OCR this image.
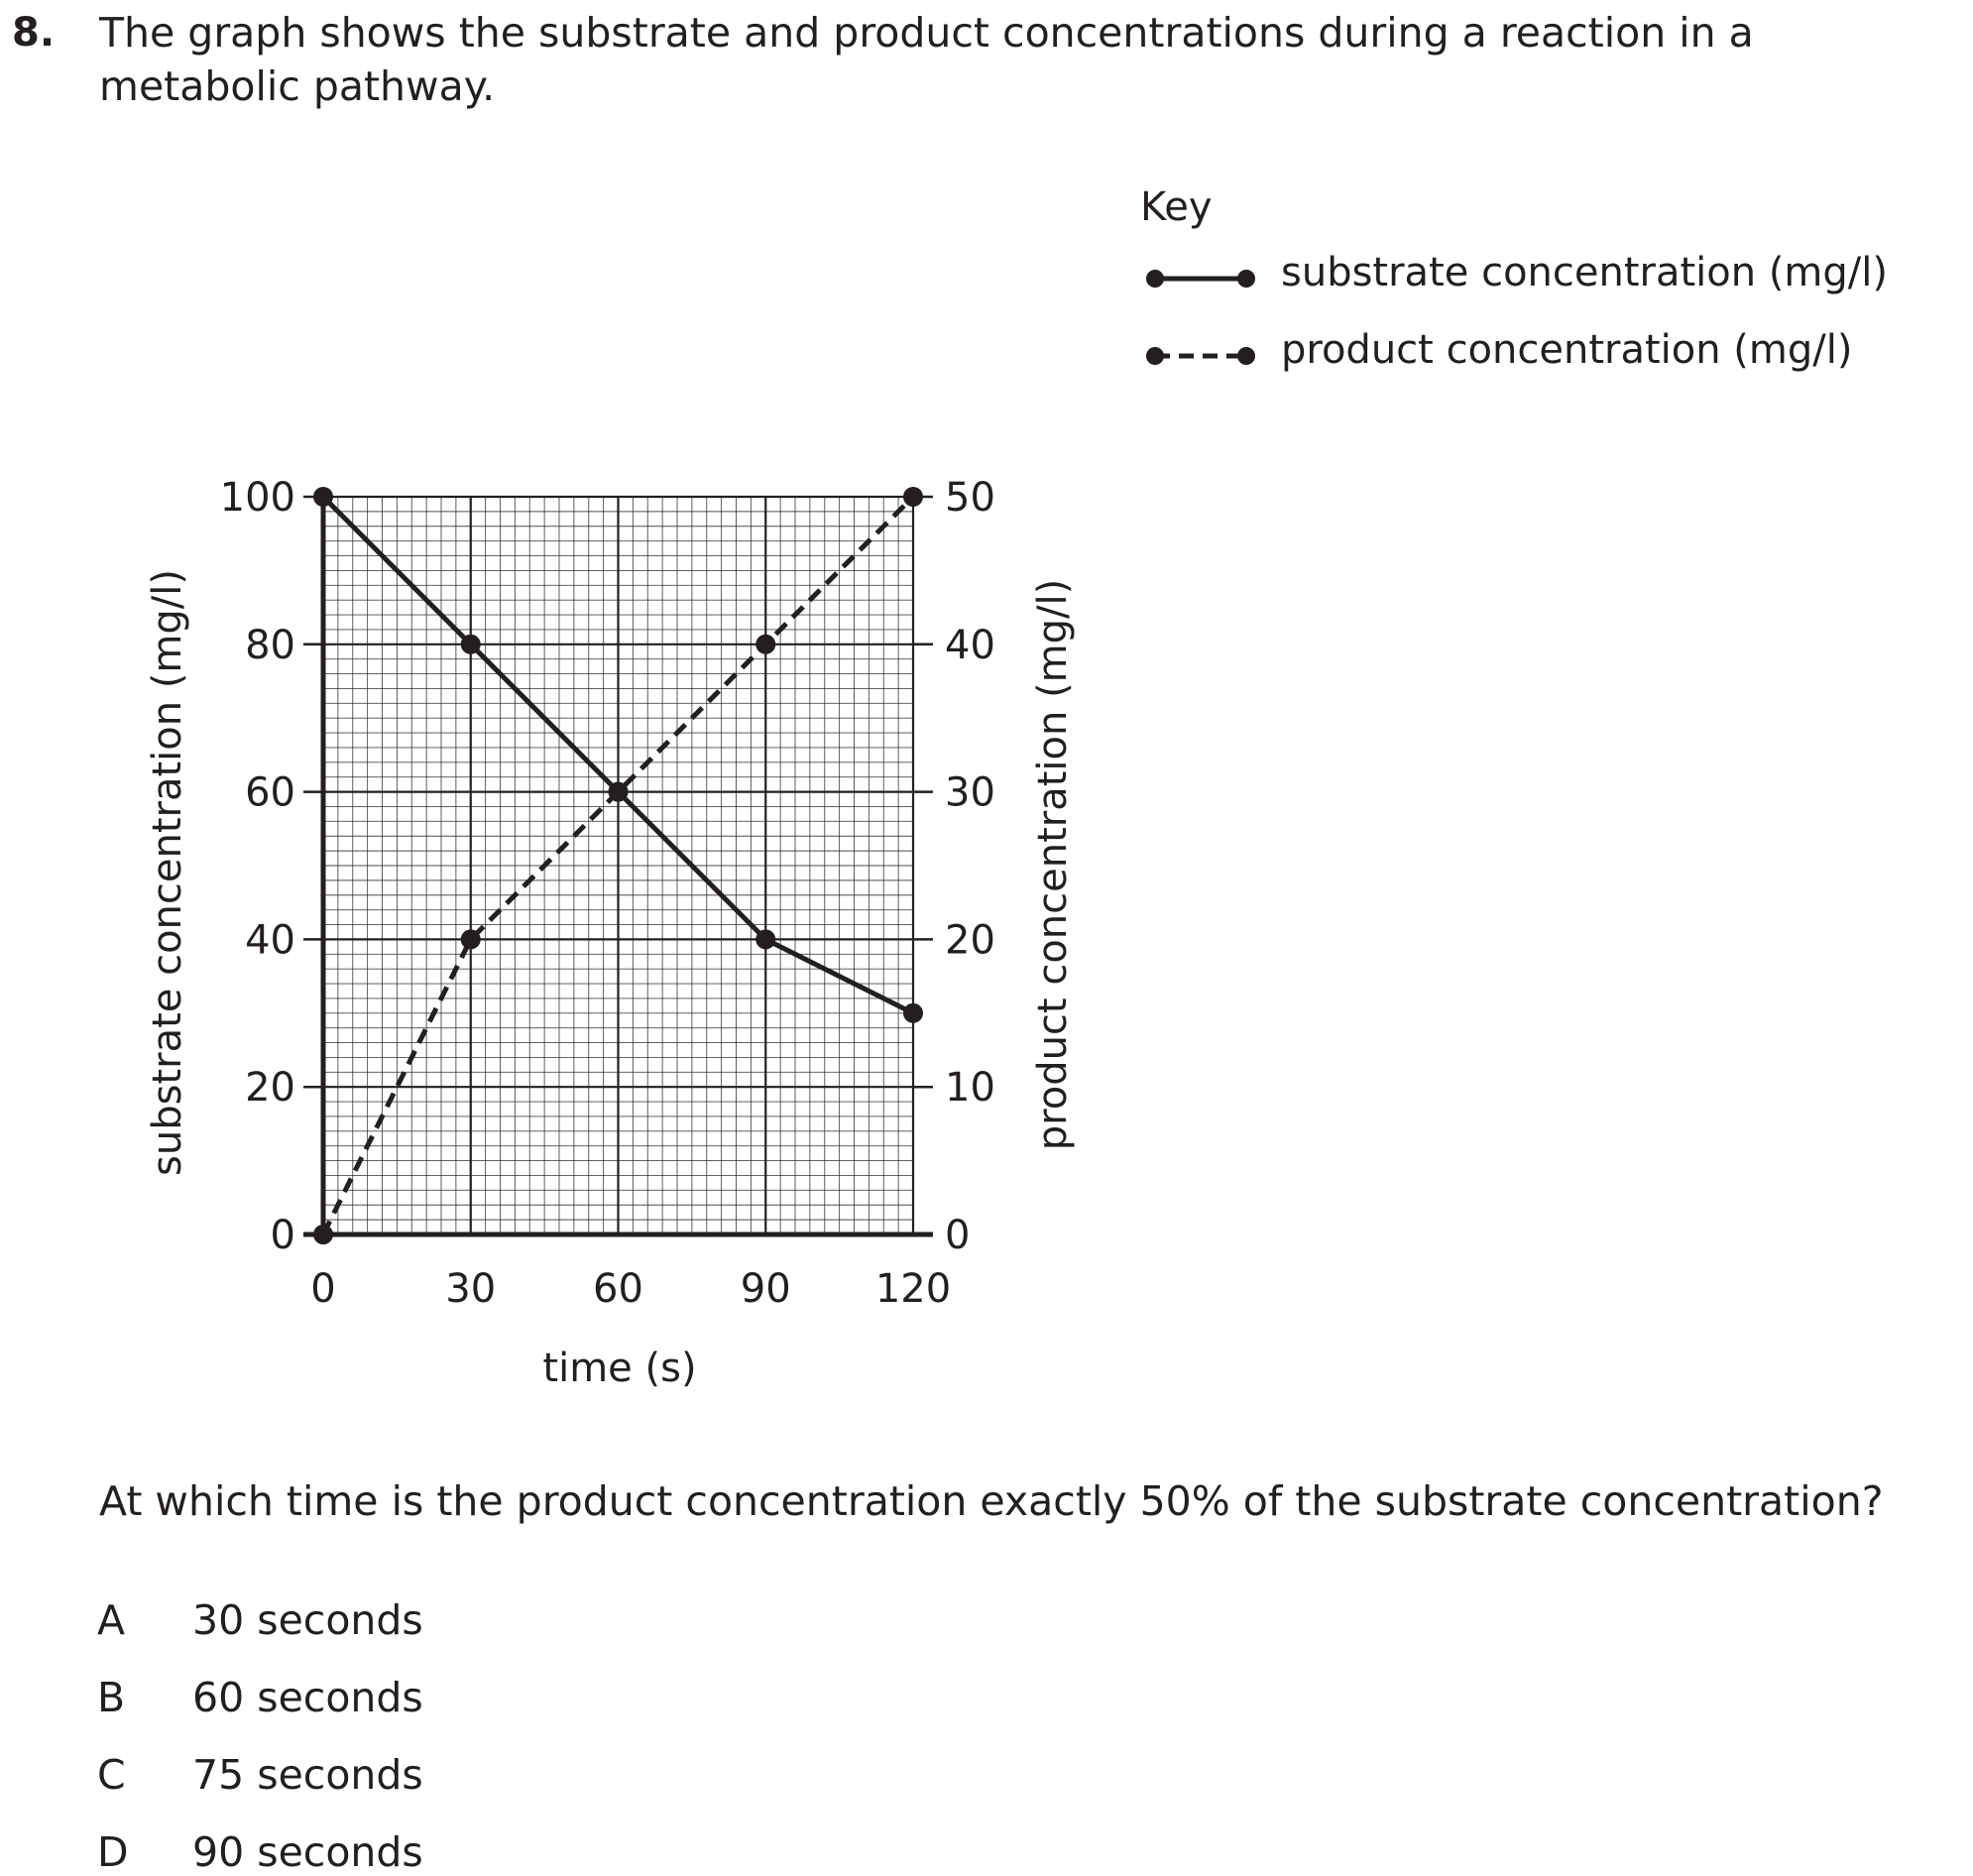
8. The graph shows the substrate and product concentrations during a reaction in a metabolic pathway.
0
20
40
60
80
100
0
10
20
30
40
50
0	30 60 90 120
time (s)
substrate concentration (mg/l)	product concentration (mg/l)
Key
substrate concentration (mg/l)
product concentration (mg/l)
At which time is the product concentration exactly 50% of the substrate concentration?
A 30 seconds
B 60 seconds
C 75 seconds
D 90 seconds
